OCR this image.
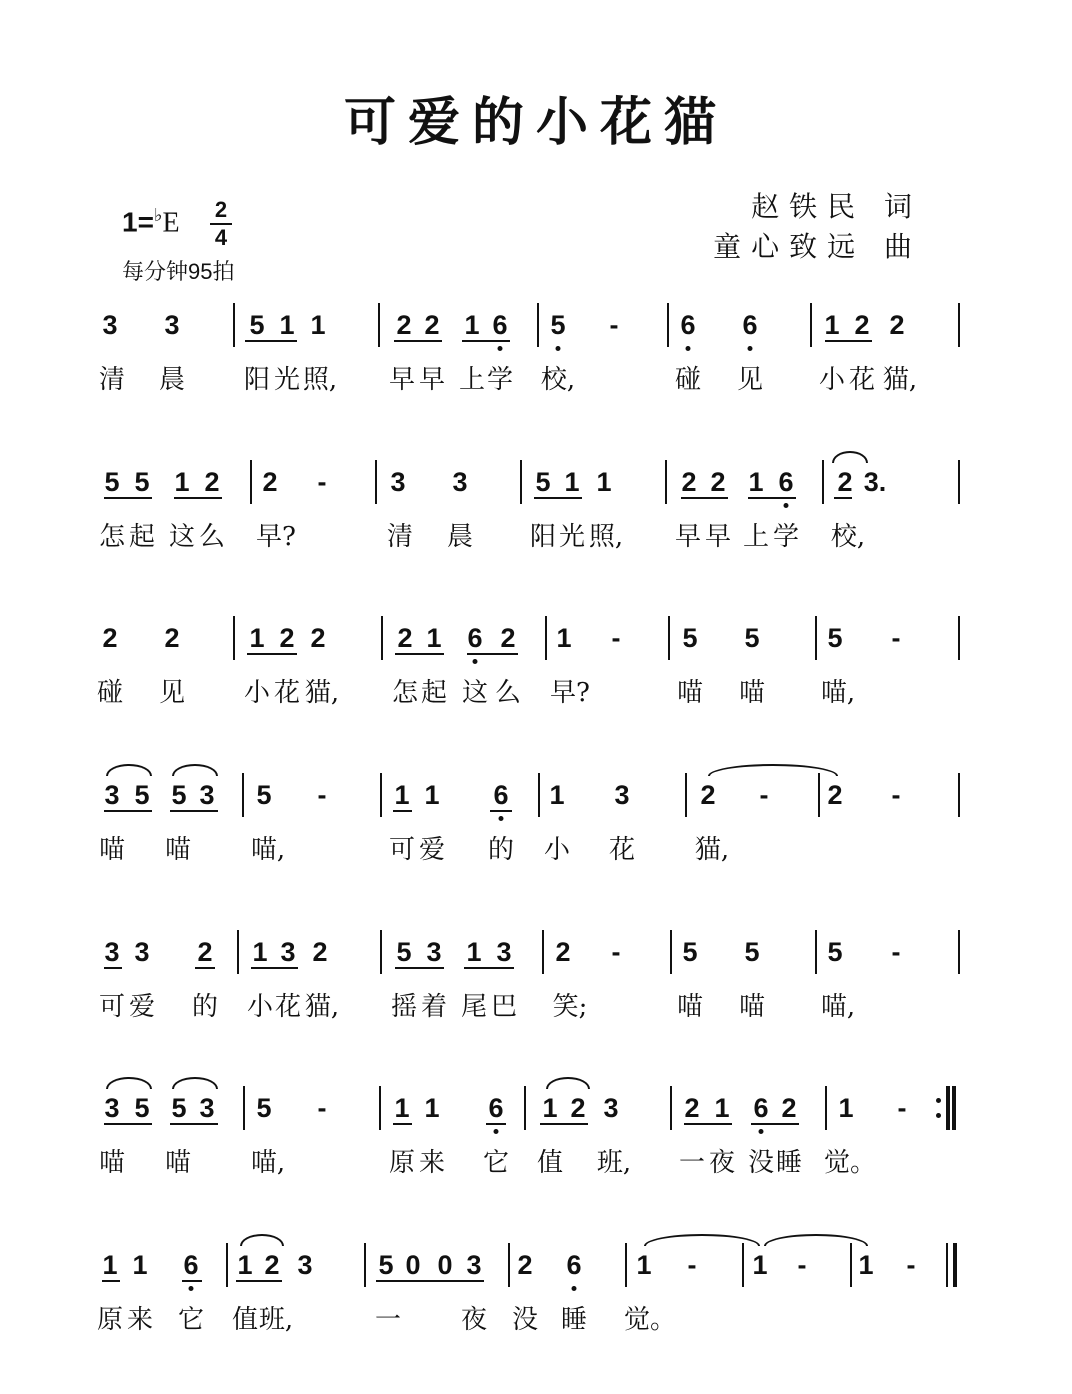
可爱的小花猫
赵铁民 词
童心致远 曲
1=♭E 2
4
每分钟95拍
3 3	5 1 1	2 2 1 6 5 - 6 6 1 2 2
清 晨 阳 光 照, 早 早 上 学 校,	碰 见 小 花 猫,
5 5 1 2 2 - 3 3	5 1 1	2 2 1 6 2 3.
怎 起 这 么 早?	清 晨 阳 光 照, 早 早 上 学 校,
2 2	1 2 2	2 1 6 2 1 - 5 5	5 -
碰 见 小 花 猫, 怎 起 这 么 早?	喵 喵 喵,
3 5 5 3 5 -	1 1 6 1 3	2 - 2 -
喵 喵 喵,	可 爱 的 小 花 猫,
3 3 2 1 3 2	5 3 1 3 2 - 5 5	5 -
可 爱 的 小 花 猫, 摇 着 尾 巴 笑;	喵 喵 喵,
3 5 5 3 5 -	1 1 6 1 2 3 2 1 6 2 1 -
喵 喵 喵,	原 来 它 值 班, 一 夜 没 睡 觉。
1 1 6 1 2 3 5 0 0 3 2 6 1 - 1 - 1 -
原 来 它 值 班,	一 夜 没 睡 觉。
